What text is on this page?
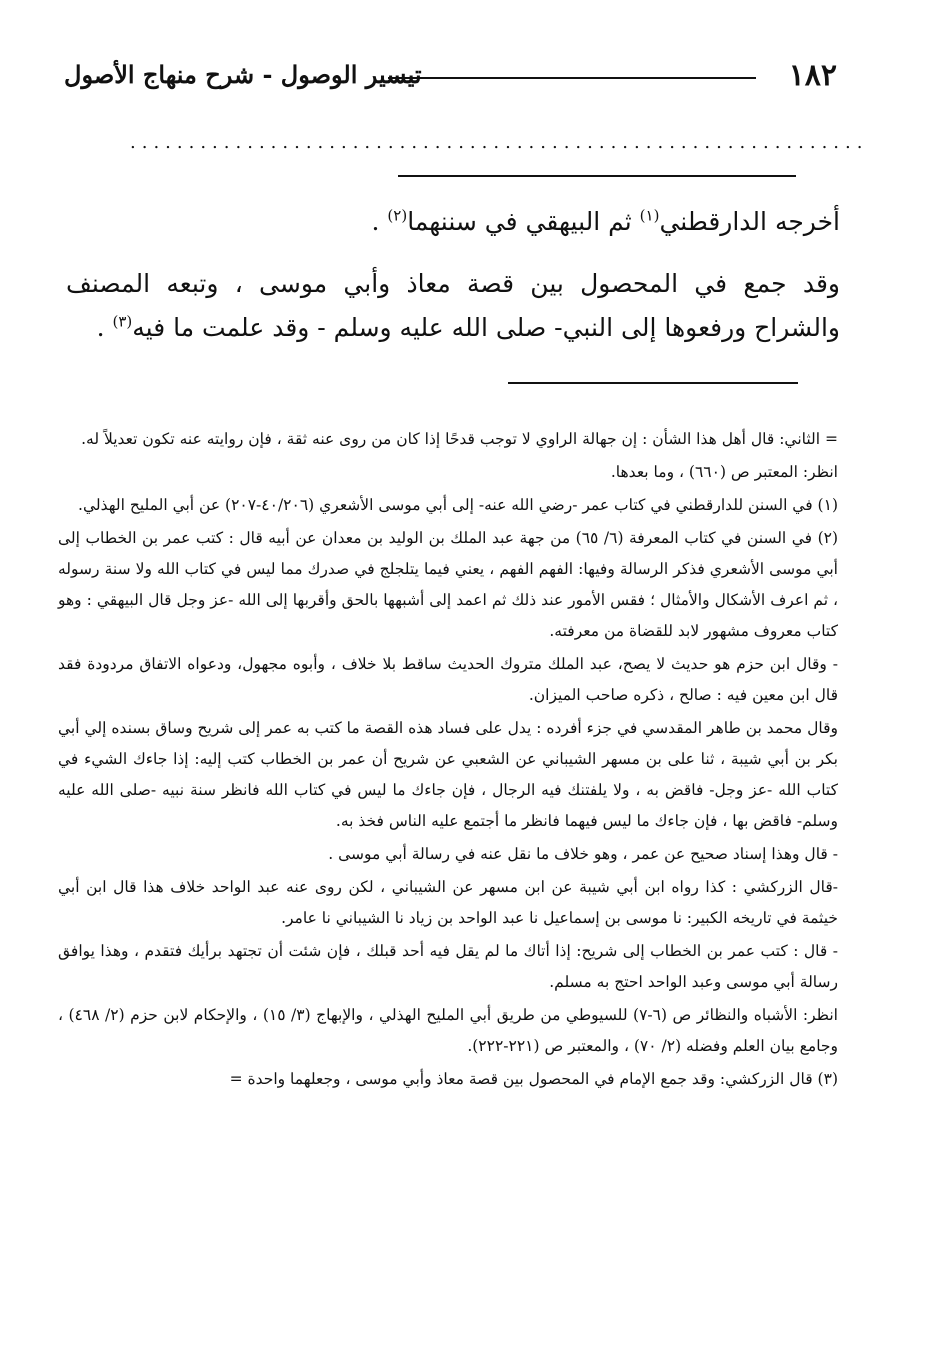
١٨٢
تيسير الوصول - شرح منهاج الأصول
...............................................................

أخرجه الدارقطني$^{(١)}$ ثم البيهقي في سننهما$^{(٢)}$ .

وقد جمع في المحصول بين قصة معاذ وأبي موسى ، وتبعه المصنف والشراح ورفعوها إلى النبي- صلى الله عليه وسلم - وقد علمت ما فيه$^{(٣)}$ .

= الثاني: قال أهل هذا الشأن : إن جهالة الراوي لا توجب قدحًا إذا كان من روى عنه ثقة ، فإن روايته عنه تكون تعديلاً له.

انظر: المعتبر ص (٦٦٠) ، وما بعدها.

(١) في السنن للدارقطني في كتاب عمر -رضي الله عنه- إلى أبي موسى الأشعري (٤٠/٢٠٦-٢٠٧) عن أبي المليح الهذلي.

(٢) في السنن في كتاب المعرفة (٦/ ٦٥) من جهة عبد الملك بن الوليد بن معدان عن أبيه قال : كتب عمر بن الخطاب إلى أبي موسى الأشعري فذكر الرسالة وفيها: الفهم الفهم ، يعني فيما يتلجلج في صدرك مما ليس في كتاب الله ولا سنة رسوله ، ثم اعرف الأشكال والأمثال ؛ فقس الأمور عند ذلك ثم اعمد إلى أشبهها بالحق وأقربها إلى الله -عز وجل قال البيهقي : وهو كتاب معروف مشهور لابد للقضاة من معرفته.

- وقال ابن حزم هو حديث لا يصح، عبد الملك متروك الحديث ساقط بلا خلاف ، وأبوه مجهول، ودعواه الاتفاق مردودة فقد قال ابن معين فيه : صالح ، ذكره صاحب الميزان.

وقال محمد بن طاهر المقدسي في جزء أفرده : يدل على فساد هذه القصة ما كتب به عمر إلى شريح وساق بسنده إلي أبي بكر بن أبي شيبة ، ثنا على بن مسهر الشيباني عن الشعبي عن شريح أن عمر بن الخطاب كتب إليه: إذا جاءك الشيء في كتاب الله -عز وجل- فاقض به ، ولا يلفتنك فيه الرجال ، فإن جاءك ما ليس في كتاب الله فانظر سنة نبيه -صلى الله عليه وسلم- فاقض بها ، فإن جاءك ما ليس فيهما فانظر ما أجتمع عليه الناس فخذ به.

- قال وهذا إسناد صحيح عن عمر ، وهو خلاف ما نقل عنه في رسالة أبي موسى .

-قال الزركشي : كذا رواه ابن أبي شيبة عن ابن مسهر عن الشيباني ، لكن روى عنه عبد الواحد خلاف هذا قال ابن أبي خيثمة في تاريخه الكبير: نا موسى بن إسماعيل نا عبد الواحد بن زياد نا الشيباني نا عامر.

- قال : كتب عمر بن الخطاب إلى شريح: إذا أتاك ما لم يقل فيه أحد قبلك ، فإن شئت أن تجتهد برأيك فتقدم ، وهذا يوافق رسالة أبي موسى وعبد الواحد احتج به مسلم.

انظر: الأشباه والنظائر ص (٦-٧) للسيوطي من طريق أبي المليح الهذلي ، والإبهاج (٣/ ١٥) ، والإحكام لابن حزم (٢/ ٤٦٨) ، وجامع بيان العلم وفضله (٢/ ٧٠) ، والمعتبر ص (٢٢١-٢٢٢).

(٣) قال الزركشي: وقد جمع الإمام في المحصول بين قصة معاذ وأبي موسى ، وجعلهما واحدة =
